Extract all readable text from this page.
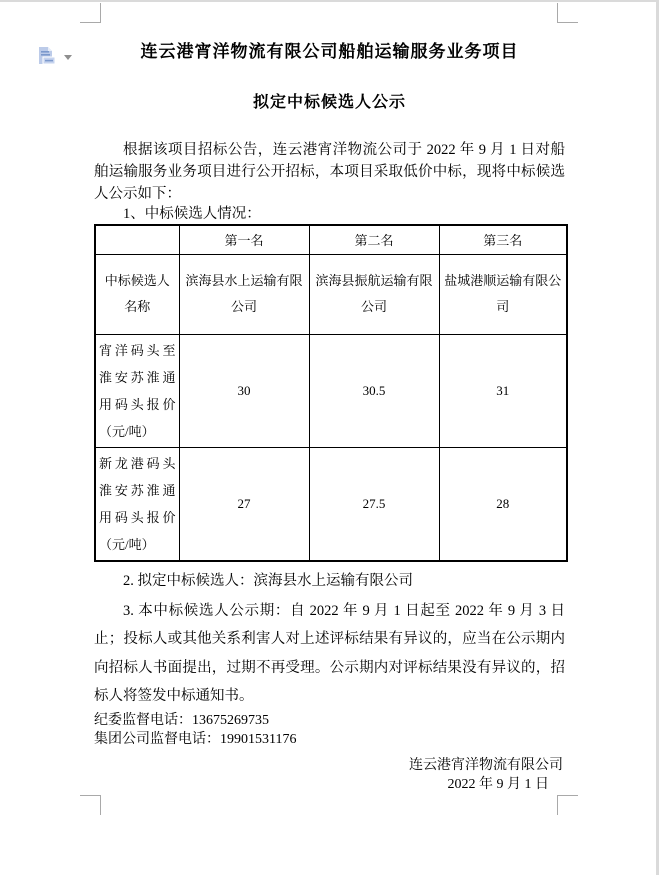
连云港宵洋物流有限公司船舶运输服务业务项目
拟定中标候选人公示
根据该项目招标公告，连云港宵洋物流公司于 2022 年 9 月 1 日对船舶运输服务业务项目进行公开招标，本项目采取低价中标，现将中标候选人公示如下：
1、中标候选人情况：
	第一名	第二名	第三名
中标候选人名称	滨海县水上运输有限公司	滨海县振航运输有限公司	盐城港顺运输有限公司
宵洋码头至淮安苏淮通用码头报价（元/吨）	30	30.5	31
新龙港码头淮安苏淮通用码头报价（元/吨）	27	27.5	28
2. 拟定中标候选人：滨海县水上运输有限公司
3. 本中标候选人公示期：自 2022 年 9 月 1 日起至 2022 年 9 月 3 日止；投标人或其他关系利害人对上述评标结果有异议的，应当在公示期内向招标人书面提出，过期不再受理。公示期内对评标结果没有异议的，招标人将签发中标通知书。
纪委监督电话：13675269735
集团公司监督电话：19901531176
连云港宵洋物流有限公司
2022 年 9 月 1 日
